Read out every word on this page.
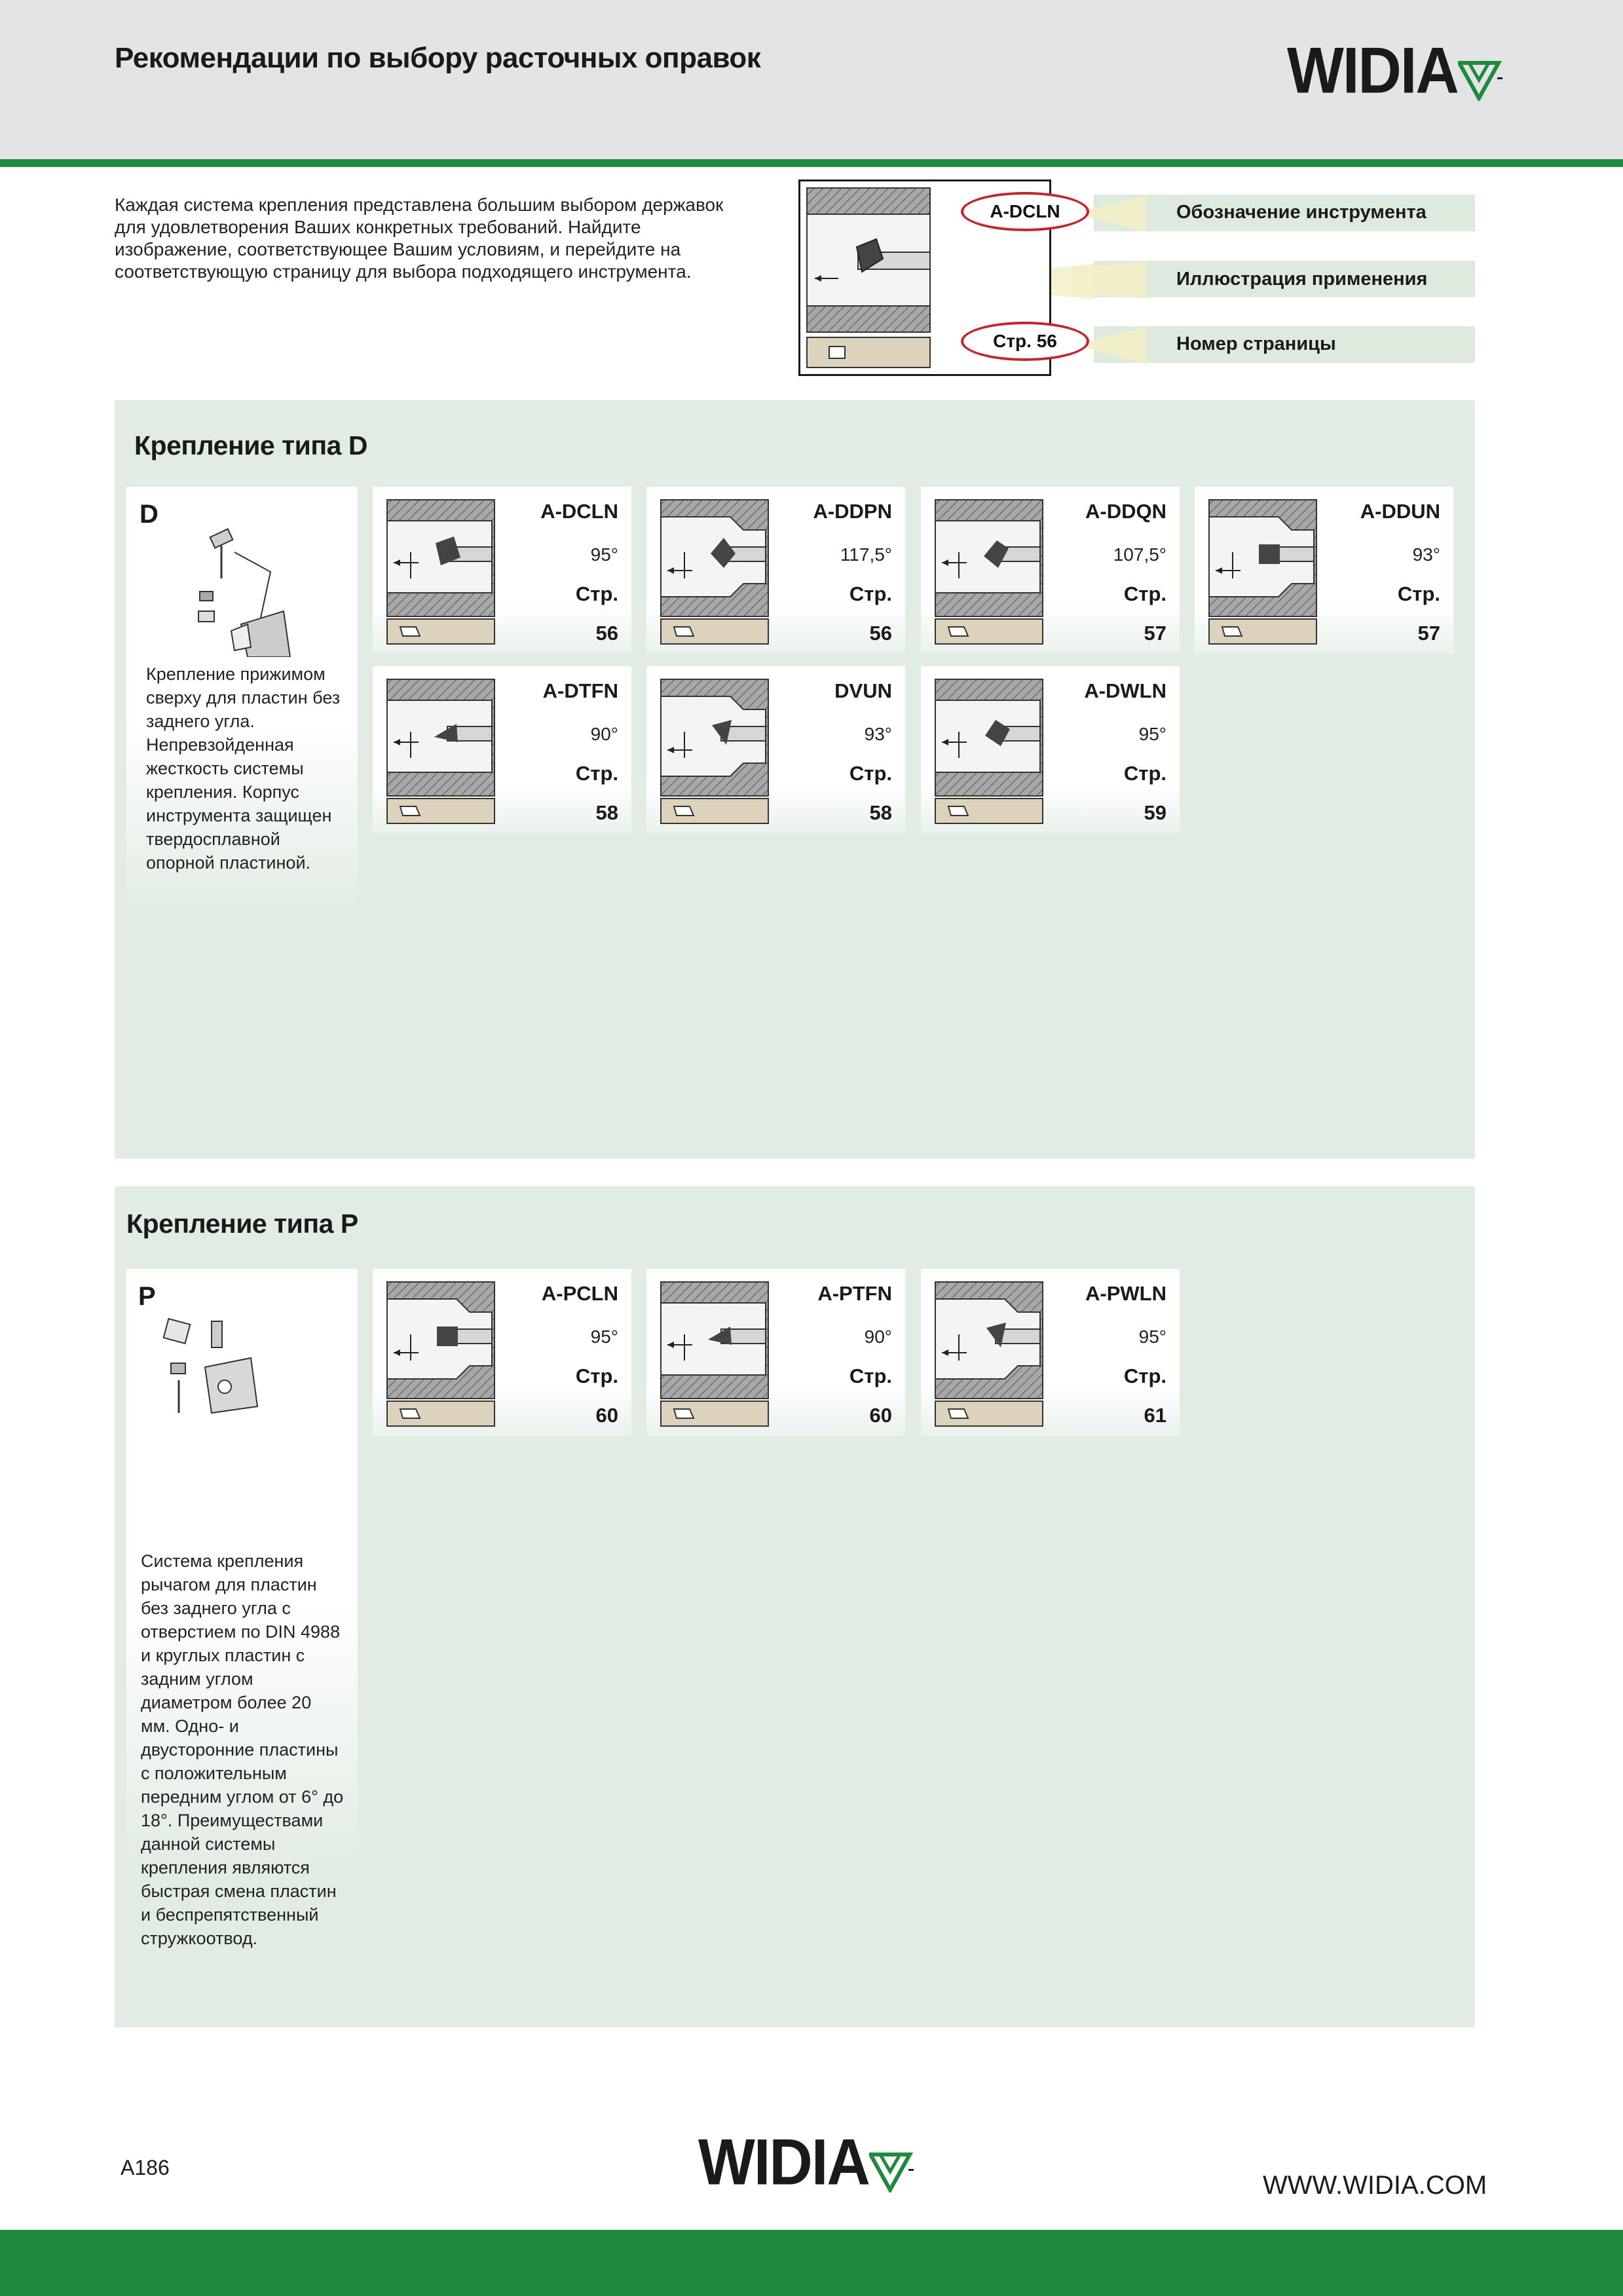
Рекомендации по выбору расточных оправок	WIDIA
Каждая система крепления представлена большим выбором державок для удовлетворения Ваших конкретных требований. Найдите изображение, соответствующее Вашим условиям, и перейдите на соответствующую страницу для выбора подходящего инструмента.
Обозначение инструмента
Иллюстрация применения
Номер страницы
A-DCLN
Стр. 56
Крепление типа D
D
Крепление прижимом сверху для пластин без заднего угла. Непревзойденная жесткость системы крепления. Корпус инструмента защищен твердосплавной опорной пластиной.
A-DCLN
95°
Стр.
56
A-DDPN
117,5°
Стр.
56
A-DDQN
107,5°
Стр.
57
A-DDUN
93°
Стр.
57
A-DTFN
90°
Стр.
58
DVUN
93°
Стр.
58
A-DWLN
95°
Стр.
59
Крепление типа P
P
Система крепления рычагом для пластин без заднего угла с отверстием по DIN 4988 и круглых пластин с задним углом диаметром более 20 мм. Одно- и двусторонние пластины с положительным передним углом от 6° до 18°. Преимуществами данной системы крепления являются быстрая смена пластин и беспрепятственный стружкоотвод.
A-PCLN
95°
Стр.
60
A-PTFN
90°
Стр.
60
A-PWLN
95°
Стр.
61
A186	WIDIA	WWW.WIDIA.COM
